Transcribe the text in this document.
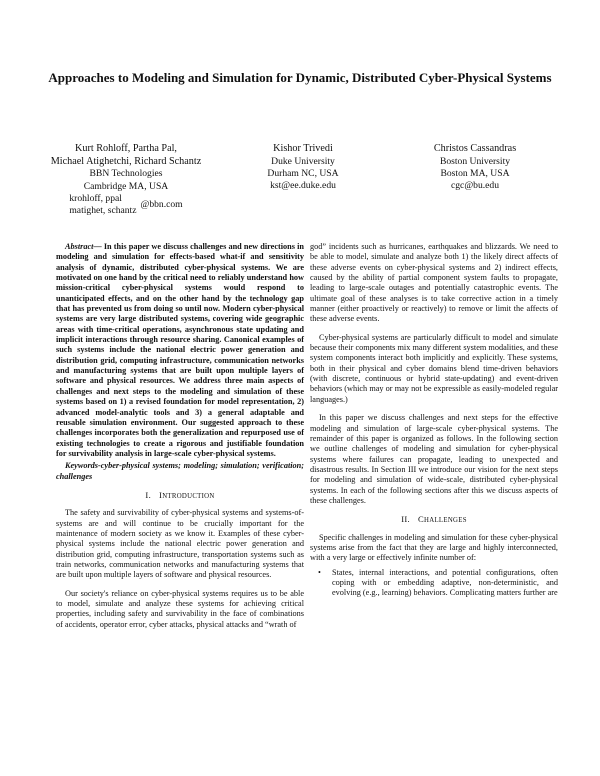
Approaches to Modeling and Simulation for Dynamic, Distributed Cyber-Physical Systems
Kurt Rohloff, Partha Pal,
Michael Atighetchi, Richard Schantz
BBN Technologies
Cambridge MA, USA
krohloff, ppal
matighet, schantz
@bbn.com
Kishor Trivedi
Duke University
Durham NC, USA
kst@ee.duke.edu
Christos Cassandras
Boston University
Boston MA, USA
cgc@bu.edu

Abstract— In this paper we discuss challenges and new directions in modeling and simulation for effects-based what-if and sensitivity analysis of dynamic, distributed cyber-physical systems. We are motivated on one hand by the critical need to reliably understand how mission-critical cyber-physical systems would respond to unanticipated effects, and on the other hand by the technology gap that has prevented us from doing so until now. Modern cyber-physical systems are very large distributed systems, covering wide geographic areas with time-critical operations, asynchronous state updating and implicit interactions through resource sharing. Canonical examples of such systems include the national electric power generation and distribution grid, computing infrastructure, communication networks and manufacturing systems that are built upon multiple layers of software and physical resources. We address three main aspects of challenges and next steps to the modeling and simulation of these systems based on 1) a revised foundation for model representation, 2) advanced model-analytic tools and 3) a general adaptable and reusable simulation environment. Our suggested approach to these challenges incorporates both the generalization and repurposed use of existing technologies to create a rigorous and justifiable foundation for survivability analysis in large-scale cyber-physical systems.

Keywords-cyber-physical systems; modeling; simulation; verification; challenges

I. INTRODUCTION

The safety and survivability of cyber-physical systems and systems-of-systems are and will continue to be crucially important for the maintenance of modern society as we know it. Examples of these cyber-physical systems include the national electric power generation and distribution grid, computing infrastructure, transportation systems such as train networks, communication networks and manufacturing systems that are built upon multiple layers of software and physical resources.

Our society's reliance on cyber-physical systems requires us to be able to model, simulate and analyze these systems for achieving critical properties, including safety and survivability in the face of combinations of accidents, operator error, cyber attacks, physical attacks and “wrath of

god” incidents such as hurricanes, earthquakes and blizzards. We need to be able to model, simulate and analyze both 1) the likely direct affects of these adverse events on cyber-physical systems and 2) indirect effects, caused by the ability of partial component system faults to propagate, leading to large-scale outages and potentially catastrophic events. The ultimate goal of these analyses is to take corrective action in a timely manner (either proactively or reactively) to remove or limit the affects of these adverse events.

Cyber-physical systems are particularly difficult to model and simulate because their components mix many different system modalities, and these system components interact both implicitly and explicitly. These systems, both in their physical and cyber domains blend time-driven behaviors (with discrete, continuous or hybrid state-updating) and event-driven behaviors (which may or may not be expressible as easily-modeled regular languages.)

In this paper we discuss challenges and next steps for the effective modeling and simulation of large-scale cyber-physical systems. The remainder of this paper is organized as follows. In the following section we outline challenges of modeling and simulation for cyber-physical systems where failures can propagate, leading to unexpected and disastrous results. In Section III we introduce our vision for the next steps for modeling and simulation of wide-scale, distributed cyber-physical systems. In each of the following sections after this we discuss aspects of these challenges.

II. CHALLENGES

Specific challenges in modeling and simulation for these cyber-physical systems arise from the fact that they are large and highly interconnected, with a very large or effectively infinite number of:

• States, internal interactions, and potential configurations, often coping with or embedding adaptive, non-deterministic, and evolving (e.g., learning) behaviors. Complicating matters further are
